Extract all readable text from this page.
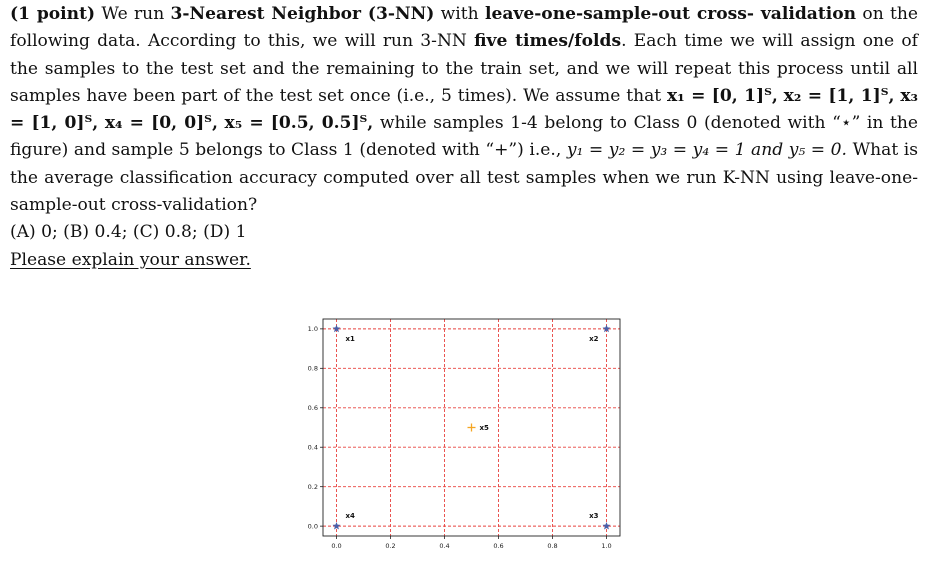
(1 point) We run 3-Nearest Neighbor (3-NN) with leave-one-sample-out cross- validation on the following data. According to this, we will run 3-NN five times/folds. Each time we will assign one of the samples to the test set and the remaining to the train set, and we will repeat this process until all samples have been part of the test set once (i.e., 5 times). We assume that x₁ = [0, 1]ᵀ, x₂ = [1, 1]ᵀ, x₃ = [1, 0]ᵀ, x₄ = [0, 0]ᵀ, x₅ = [0.5, 0.5]ᵀ, while samples 1-4 belong to Class 0 (denoted with “⋆” in the figure) and sample 5 belongs to Class 1 (denoted with “+”) i.e., y₁ = y₂ = y₃ = y₄ = 1 and y₅ = 0. What is the average classification accuracy computed over all test samples when we run K-NN using leave-one-sample-out cross-validation?
(A) 0; (B) 0.4; (C) 0.8; (D) 1
Please explain your answer.
0.0	0.2	0.4	0.6	0.8	1.0
0.0
0.2
0.4
0.6
0.8
1.0
x1	x2
x3
x4
x5
